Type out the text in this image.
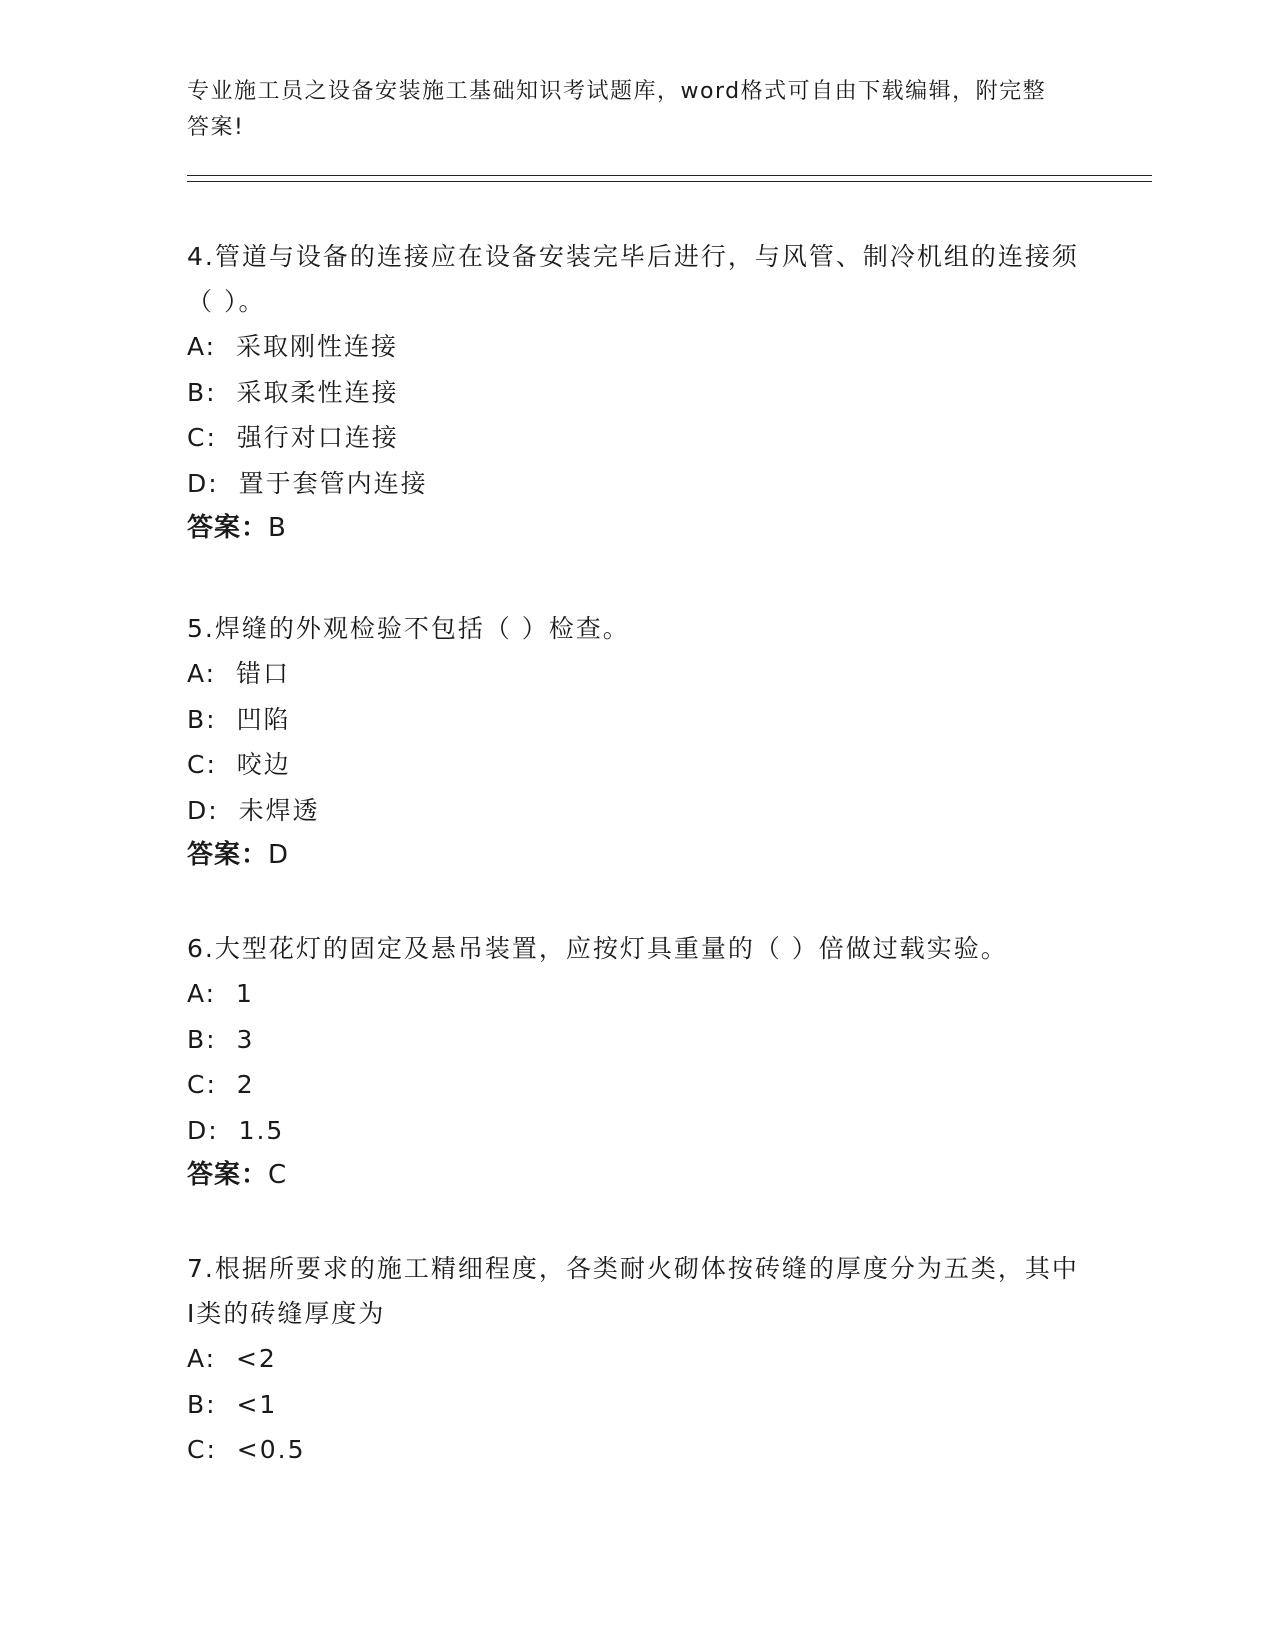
专业施工员之设备安装施工基础知识考试题库，word格式可自由下载编辑，附完整答案!
4.管道与设备的连接应在设备安装完毕后进行，与风管、制冷机组的连接须（ ）。
A:  采取刚性连接
B:  采取柔性连接
C:  强行对口连接
D:  置于套管内连接
答案：B
5.焊缝的外观检验不包括（ ）检查。
A:  错口
B:  凹陷
C:  咬边
D:  未焊透
答案：D
6.大型花灯的固定及悬吊装置，应按灯具重量的（ ）倍做过载实验。
A:  1
B:  3
C:  2
D:  1.5
答案：C
7.根据所要求的施工精细程度，各类耐火砌体按砖缝的厚度分为五类，其中Ⅰ类的砖缝厚度为
A:  <2
B:  <1
C:  <0.5
